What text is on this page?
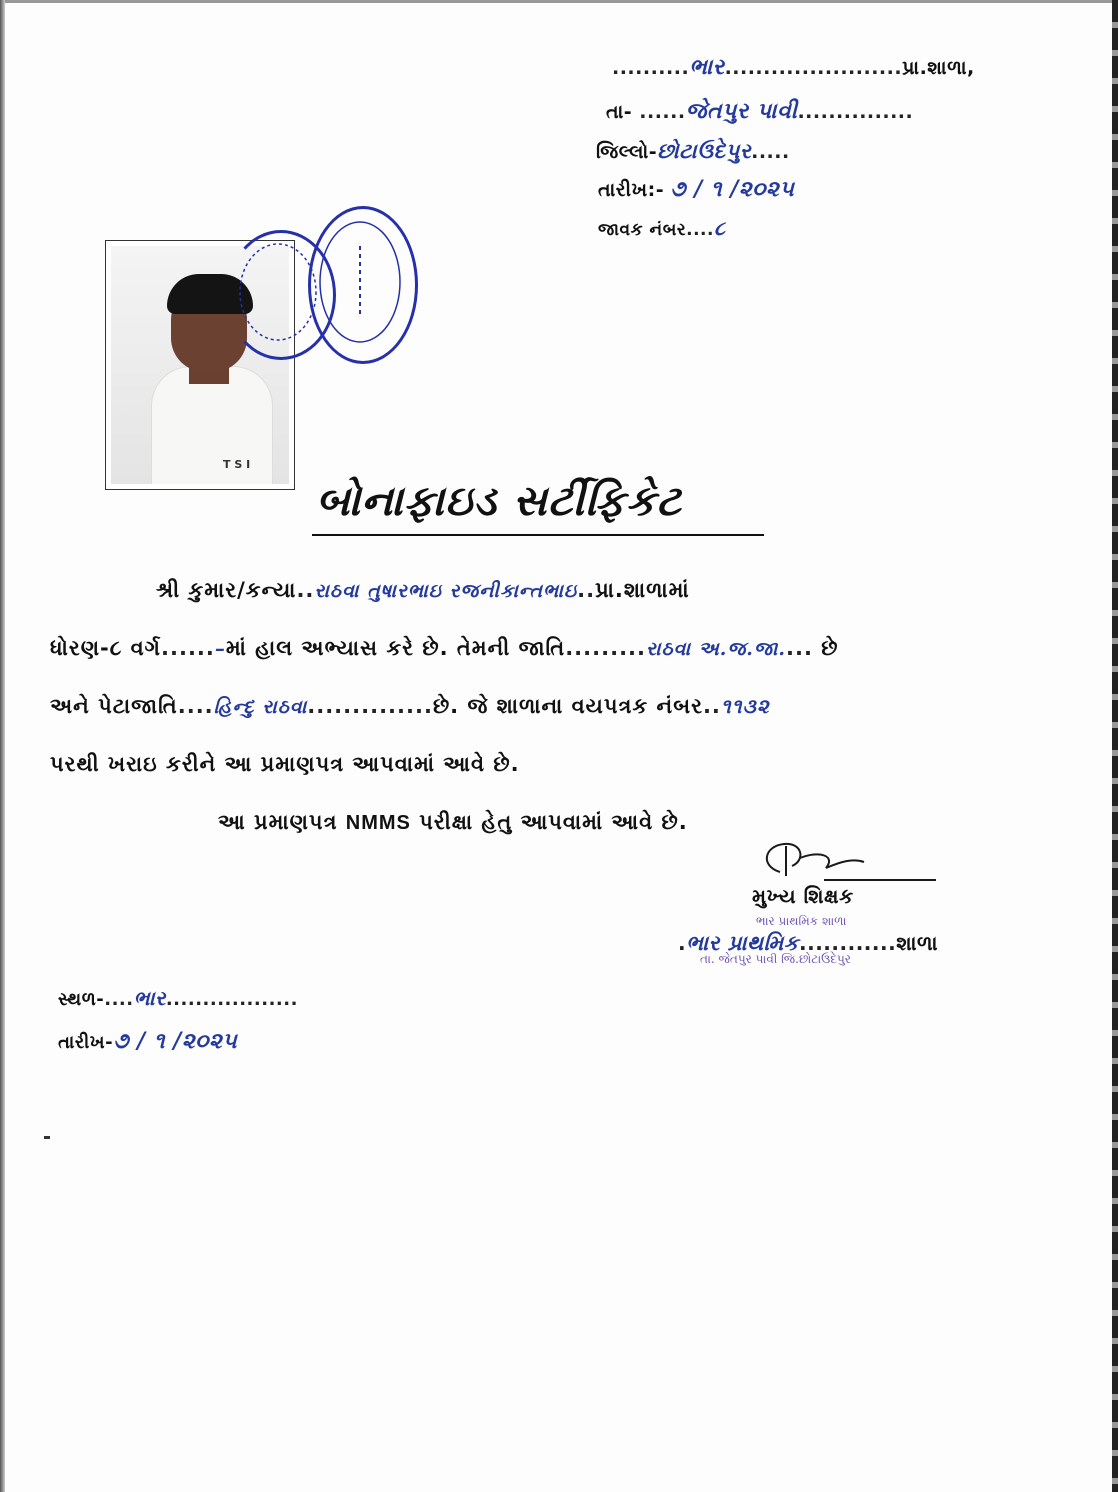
..........ભાર.......................પ્રા.શાળા,
તા- ......જેતપુર પાવી...............
જિલ્લો-છોટાઉદેપુર.....
તારીખ:- ૭ / ૧ /૨૦૨૫
જાવક નંબર....૮
T S I
બોનાફાઇડ સર્ટીફિકેટ
શ્રી કુમાર/કન્યા..રાઠવા તુષારભાઇ રજનીકાન્તભાઇ..પ્રા.શાળામાં
ધોરણ-૮ વર્ગ......–માં હાલ અભ્યાસ કરે છે. તેમની જાતિ.........રાઠવા અ.જ.જા.... છે
અને પેટાજાતિ....હિન્દુ રાઠવા..............છે. જે શાળાના વયપત્રક નંબર..૧૧૩૨
પરથી ખરાઇ કરીને આ પ્રમાણપત્ર આપવામાં આવે છે.
આ પ્રમાણપત્ર NMMS પરીક્ષા હેતુ આપવામાં આવે છે.
મુખ્ય શિક્ષક
ભાર પ્રાથમિક શાળા
.ભાર પ્રાથમિક............શાળા
તા. જેતપુર પાવી જિ.છોટાઉદેપુર
સ્થળ-....ભાર..................
તારીખ-૭ / ૧ /૨૦૨૫
